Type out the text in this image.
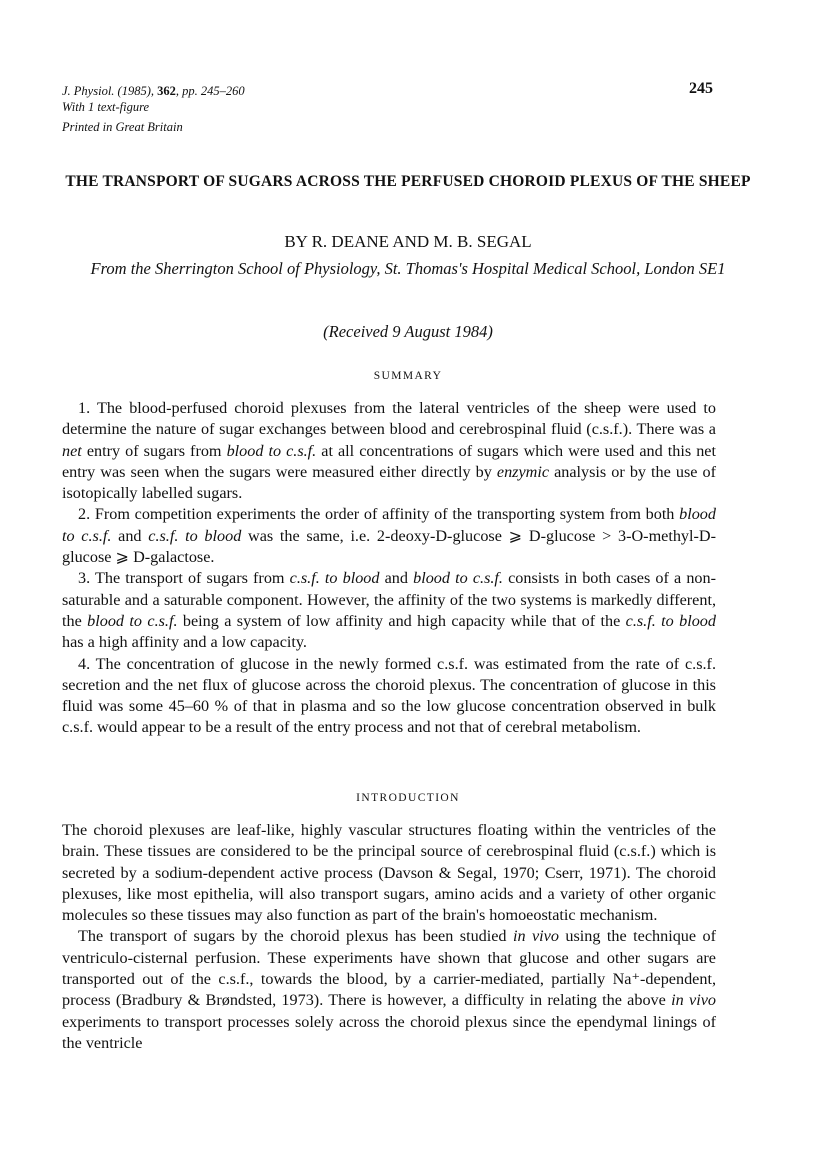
J. Physiol. (1985), 362, pp. 245–260
With 1 text-figure
Printed in Great Britain
245
THE TRANSPORT OF SUGARS ACROSS THE PERFUSED CHOROID PLEXUS OF THE SHEEP
BY R. DEANE AND M. B. SEGAL
From the Sherrington School of Physiology, St. Thomas's Hospital Medical School, London SE1
(Received 9 August 1984)
SUMMARY

1. The blood-perfused choroid plexuses from the lateral ventricles of the sheep were used to determine the nature of sugar exchanges between blood and cerebrospinal fluid (c.s.f.). There was a net entry of sugars from blood to c.s.f. at all concentrations of sugars which were used and this net entry was seen when the sugars were measured either directly by enzymic analysis or by the use of isotopically labelled sugars.

2. From competition experiments the order of affinity of the transporting system from both blood to c.s.f. and c.s.f. to blood was the same, i.e. 2-deoxy-D-glucose ⩾ D-glucose > 3-O-methyl-D-glucose ⩾ D-galactose.

3. The transport of sugars from c.s.f. to blood and blood to c.s.f. consists in both cases of a non-saturable and a saturable component. However, the affinity of the two systems is markedly different, the blood to c.s.f. being a system of low affinity and high capacity while that of the c.s.f. to blood has a high affinity and a low capacity.

4. The concentration of glucose in the newly formed c.s.f. was estimated from the rate of c.s.f. secretion and the net flux of glucose across the choroid plexus. The concentration of glucose in this fluid was some 45–60 % of that in plasma and so the low glucose concentration observed in bulk c.s.f. would appear to be a result of the entry process and not that of cerebral metabolism.

INTRODUCTION

The choroid plexuses are leaf-like, highly vascular structures floating within the ventricles of the brain. These tissues are considered to be the principal source of cerebrospinal fluid (c.s.f.) which is secreted by a sodium-dependent active process (Davson & Segal, 1970; Cserr, 1971). The choroid plexuses, like most epithelia, will also transport sugars, amino acids and a variety of other organic molecules so these tissues may also function as part of the brain's homoeostatic mechanism.

The transport of sugars by the choroid plexus has been studied in vivo using the technique of ventriculo-cisternal perfusion. These experiments have shown that glucose and other sugars are transported out of the c.s.f., towards the blood, by a carrier-mediated, partially Na⁺-dependent, process (Bradbury & Brøndsted, 1973). There is however, a difficulty in relating the above in vivo experiments to transport processes solely across the choroid plexus since the ependymal linings of the ventricle
